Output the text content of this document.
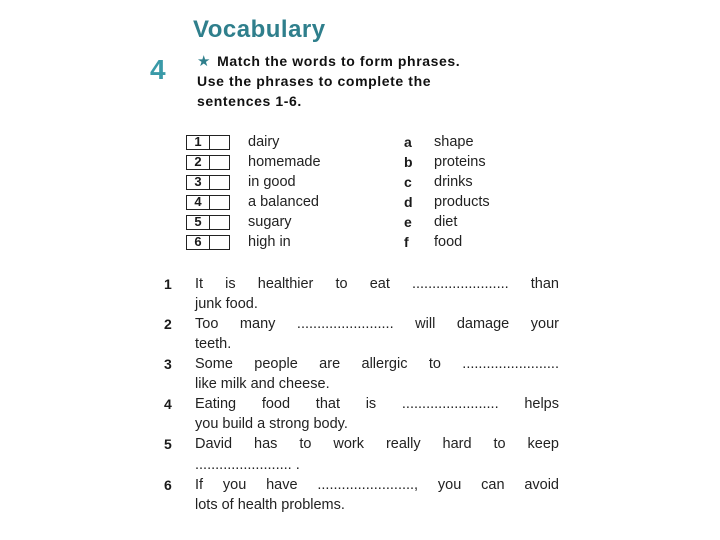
Vocabulary
4 ★ Match the words to form phrases.
Use the phrases to complete the
sentences 1-6.
1	dairy	a shape
2	homemade	b proteins
3	in good	c drinks
4	a balanced	d products
5	sugary	e diet
6	high in	f food
1 It is healthier to eat ........................ than
junk food.
2 Too many ........................ will damage your
teeth.
3 Some people are allergic to ........................
like milk and cheese.
4 Eating food that is ........................ helps
you build a strong body.
5 David has to work really hard to keep
........................ .
6 If you have ........................, you can avoid
lots of health problems.
